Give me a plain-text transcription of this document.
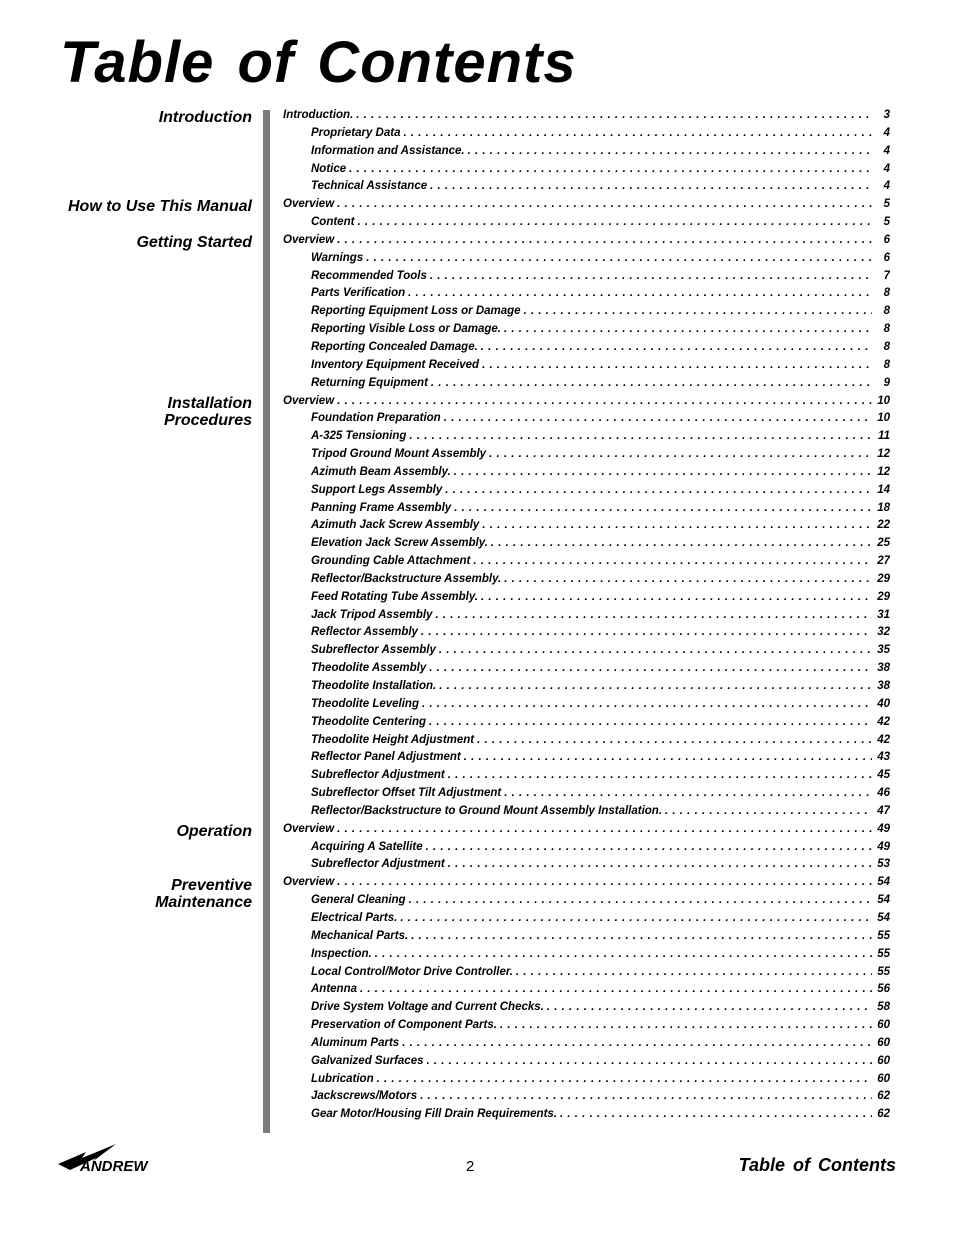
Table of Contents
Introduction
How to Use This Manual
Getting Started
Installation
Procedures
Operation
Preventive
Maintenance
Introduction. . . .	3
Proprietary Data . . .	4
Information and Assistance. . . .	4
Notice . . .	4
Technical Assistance . . .	4
Overview . . .	5
Content . . .	5
Overview . . .	6
Warnings . . .	6
Recommended Tools . . .	7
Parts Verification . . .	8
Reporting Equipment Loss or Damage . . .	8
Reporting Visible Loss or Damage. . . .	8
Reporting Concealed Damage. . . .	8
Inventory Equipment Received . . .	8
Returning Equipment . . .	9
Overview . . .	10
Foundation Preparation . . .	10
A-325 Tensioning . . .	11
Tripod Ground Mount Assembly . . .	12
Azimuth Beam Assembly. . . .	12
Support Legs Assembly . . .	14
Panning Frame Assembly . . .	18
Azimuth Jack Screw Assembly . . .	22
Elevation Jack Screw Assembly. . . .	25
Grounding Cable Attachment . . .	27
Reflector/Backstructure Assembly. . . .	29
Feed Rotating Tube Assembly. . . .	29
Jack Tripod Assembly . . .	31
Reflector Assembly . . .	32
Subreflector Assembly . . .	35
Theodolite Assembly . . .	38
Theodolite Installation. . . .	38
Theodolite Leveling . . .	40
Theodolite Centering . . .	42
Theodolite Height Adjustment . . .	42
Reflector Panel Adjustment . . .	43
Subreflector Adjustment . . .	45
Subreflector Offset Tilt Adjustment . . .	46
Reflector/Backstructure to Ground Mount Assembly Installation. . . .	47
Overview . . .	49
Acquiring A Satellite . . .	49
Subreflector Adjustment . . .	53
Overview . . .	54
General Cleaning . . .	54
Electrical Parts. . . .	54
Mechanical Parts. . . .	55
Inspection. . . .	55
Local Control/Motor Drive Controller. . . .	55
Antenna . . .	56
Drive System Voltage and Current Checks. . . .	58
Preservation of Component Parts. . . .	60
Aluminum Parts . . .	60
Galvanized Surfaces . . .	60
Lubrication . . .	60
Jackscrews/Motors . . .	62
Gear Motor/Housing Fill Drain Requirements. . . .	62
ANDREW	2	Table of Contents
